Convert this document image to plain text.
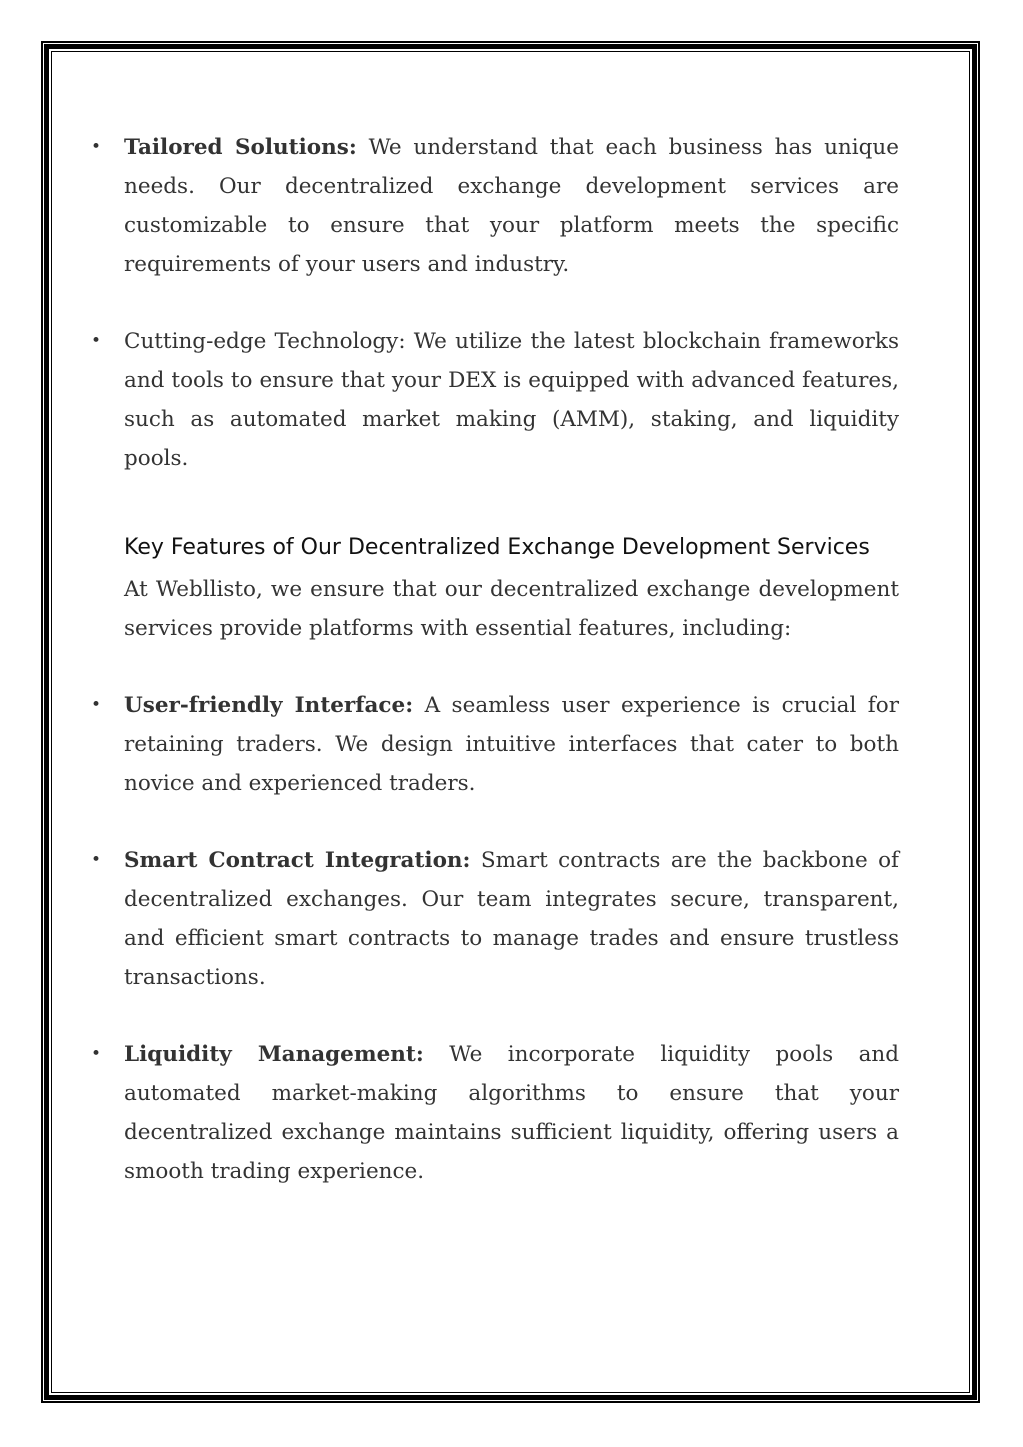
• Tailored Solutions: We understand that each business has unique needs. Our decentralized exchange development services are customizable to ensure that your platform meets the specific requirements of your users and industry.
• Cutting-edge Technology: We utilize the latest blockchain frameworks and tools to ensure that your DEX is equipped with advanced features, such as automated market making (AMM), staking, and liquidity pools.
Key Features of Our Decentralized Exchange Development Services
At Webllisto, we ensure that our decentralized exchange development services provide platforms with essential features, including:
• User-friendly Interface: A seamless user experience is crucial for retaining traders. We design intuitive interfaces that cater to both novice and experienced traders.
• Smart Contract Integration: Smart contracts are the backbone of decentralized exchanges. Our team integrates secure, transparent, and efficient smart contracts to manage trades and ensure trustless transactions.
• Liquidity Management: We incorporate liquidity pools and automated market-making algorithms to ensure that your decentralized exchange maintains sufficient liquidity, offering users a smooth trading experience.
